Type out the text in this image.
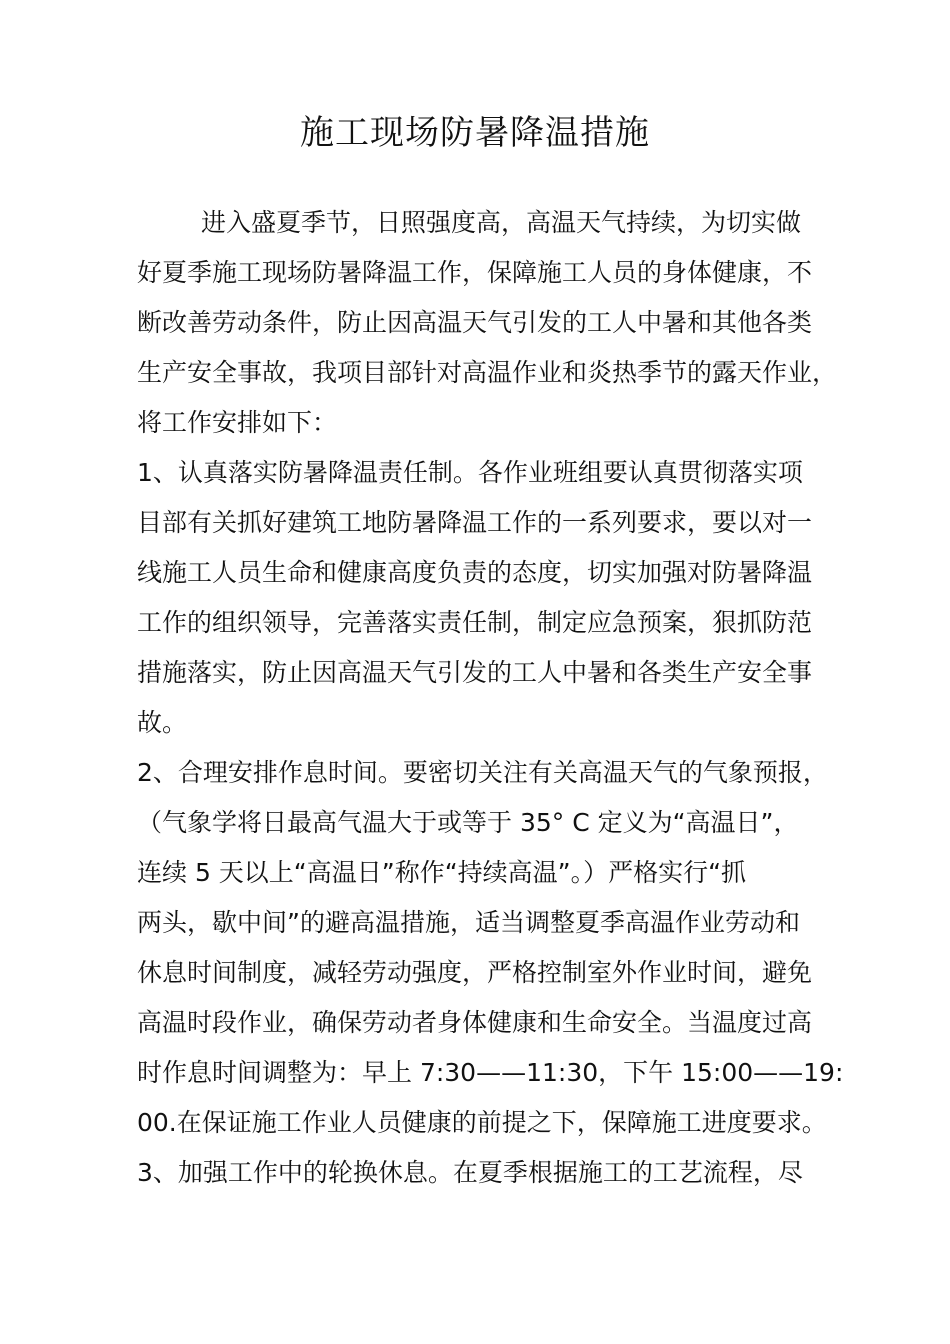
施工现场防暑降温措施
进入盛夏季节，日照强度高，高温天气持续，为切实做
好夏季施工现场防暑降温工作，保障施工人员的身体健康，不
断改善劳动条件，防止因高温天气引发的工人中暑和其他各类
生产安全事故，我项目部针对高温作业和炎热季节的露天作业，
将工作安排如下：
1、认真落实防暑降温责任制。各作业班组要认真贯彻落实项
目部有关抓好建筑工地防暑降温工作的一系列要求，要以对一
线施工人员生命和健康高度负责的态度，切实加强对防暑降温
工作的组织领导，完善落实责任制，制定应急预案，狠抓防范
措施落实，防止因高温天气引发的工人中暑和各类生产安全事
故。
2、合理安排作息时间。要密切关注有关高温天气的气象预报，
（气象学将日最高气温大于或等于 35° C 定义为“高温日”，
连续 5 天以上“高温日”称作“持续高温”。）严格实行“抓
两头，歇中间”的避高温措施，适当调整夏季高温作业劳动和
休息时间制度，减轻劳动强度，严格控制室外作业时间，避免
高温时段作业，确保劳动者身体健康和生命安全。当温度过高
时作息时间调整为：早上 7:30——11:30，下午 15:00——19:
00.在保证施工作业人员健康的前提之下，保障施工进度要求。
3、加强工作中的轮换休息。在夏季根据施工的工艺流程，尽
